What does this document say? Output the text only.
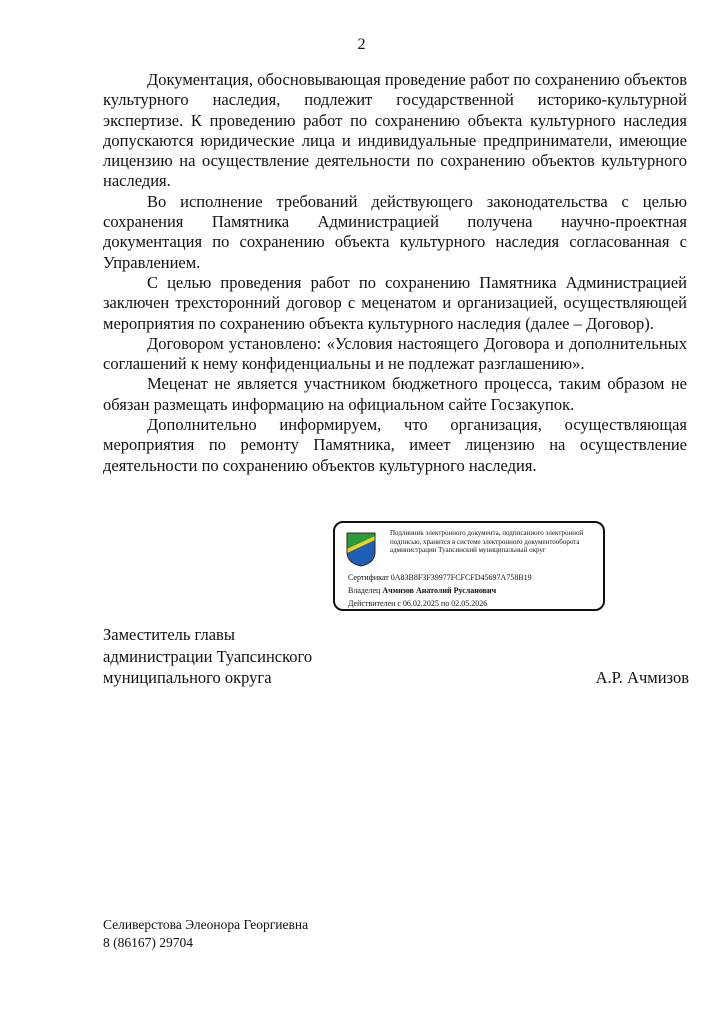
2

Документация, обосновывающая проведение работ по сохранению объектов культурного наследия, подлежит государственной историко-культурной экспертизе. К проведению работ по сохранению объекта культурного наследия допускаются юридические лица и индивидуальные предприниматели, имеющие лицензию на осуществление деятельности по сохранению объектов культурного наследия.

Во исполнение требований действующего законодательства с целью сохранения Памятника Администрацией получена научно-проектная документация по сохранению объекта культурного наследия согласованная с Управлением.

С целью проведения работ по сохранению Памятника Администрацией заключен трехсторонний договор с меценатом и организацией, осуществляющей мероприятия по сохранению объекта культурного наследия (далее – Договор).

Договором установлено: «Условия настоящего Договора и дополнительных соглашений к нему конфиденциальны и не подлежат разглашению».

Меценат не является участником бюджетного процесса, таким образом не обязан размещать информацию на официальном сайте Госзакупок.

Дополнительно информируем, что организация, осуществляющая мероприятия по ремонту Памятника, имеет лицензию на осуществление деятельности по сохранению объектов культурного наследия.

Подлинник электронного документа, подписанного электронной подписью, хранится в системе электронного документооборота администрации Туапсинский муниципальный округ
Сертификат 0A83B8F3F39977FCFCFD45697A758B19
Владелец Ачмизов Анатолий Русланович
Действителен с 06.02.2025 по 02.05.2026
Заместитель главы
администрации Туапсинского
муниципального округа	А.Р. Ачмизов
Селиверстова Элеонора Георгиевна
8 (86167) 29704
